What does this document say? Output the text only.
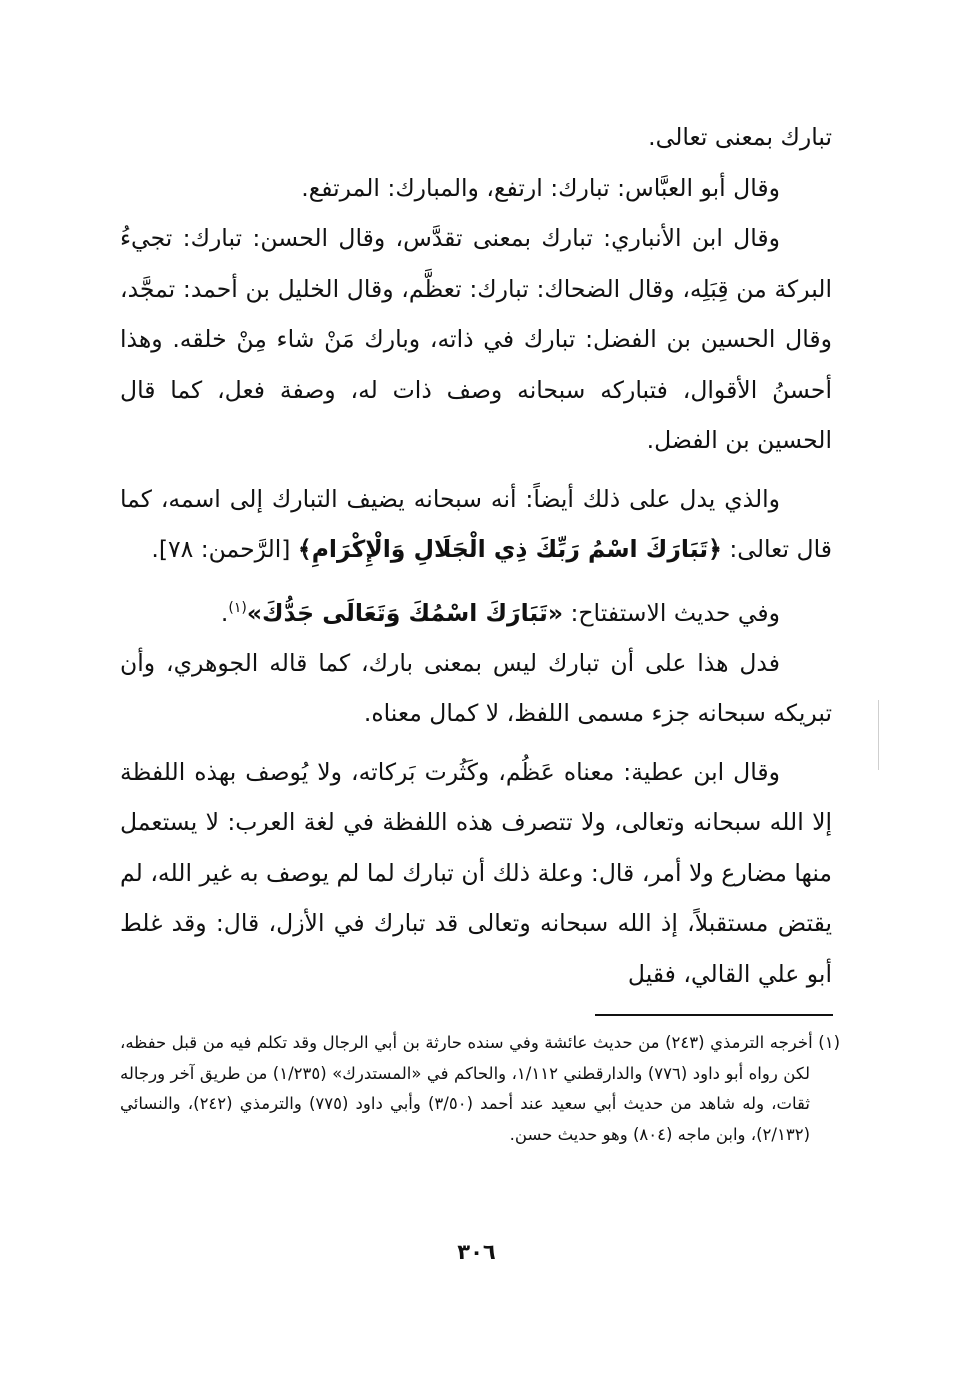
تبارك بمعنى تعالى.

وقال أبو العبَّاس: تبارك: ارتفع، والمبارك: المرتفع.

وقال ابن الأنباري: تبارك بمعنى تقدَّس، وقال الحسن: تبارك: تجيءُ البركة من قِبَلِه، وقال الضحاك: تبارك: تعظَّم، وقال الخليل بن أحمد: تمجَّد، وقال الحسين بن الفضل: تبارك في ذاته، وبارك مَنْ شاء مِنْ خلقه. وهذا أحسنُ الأقوال، فتباركه سبحانه وصف ذات له، وصفة فعل، كما قال الحسين بن الفضل.

والذي يدل على ذلك أيضاً: أنه سبحانه يضيف التبارك إلى اسمه، كما قال تعالى: ﴿تَبَارَكَ اسْمُ رَبِّكَ ذِي الْجَلَالِ وَالْإِكْرَامِ﴾ [الرَّحمن: ٧٨].

وفي حديث الاستفتاح: «تَبَارَكَ اسْمُكَ وَتَعَالَى جَدُّكَ»$^{(١)}$.

فدل هذا على أن تبارك ليس بمعنى بارك، كما قاله الجوهري، وأن تبريكه سبحانه جزء مسمى اللفظ، لا كمال معناه.

وقال ابن عطية: معناه عَظُم، وكَثُرت بَركاته، ولا يُوصف بهذه اللفظة إلا الله سبحانه وتعالى، ولا تتصرف هذه اللفظة في لغة العرب: لا يستعمل منها مضارع ولا أمر، قال: وعلة ذلك أن تبارك لما لم يوصف به غير الله، لم يقتض مستقبلاً، إذ الله سبحانه وتعالى قد تبارك في الأزل، قال: وقد غلط أبو علي القالي، فقيل

(١) أخرجه الترمذي (٢٤٣) من حديث عائشة وفي سنده حارثة بن أبي الرجال وقد تكلم فيه من قبل حفظه، لكن رواه أبو داود (٧٧٦) والدارقطني ١/١١٢، والحاكم في «المستدرك» (١/٢٣٥) من طريق آخر ورجاله ثقات، وله شاهد من حديث أبي سعيد عند أحمد (٣/٥٠) وأبي داود (٧٧٥) والترمذي (٢٤٢)، والنسائي (٢/١٣٢)، وابن ماجه (٨٠٤) وهو حديث حسن.

٣٠٦
